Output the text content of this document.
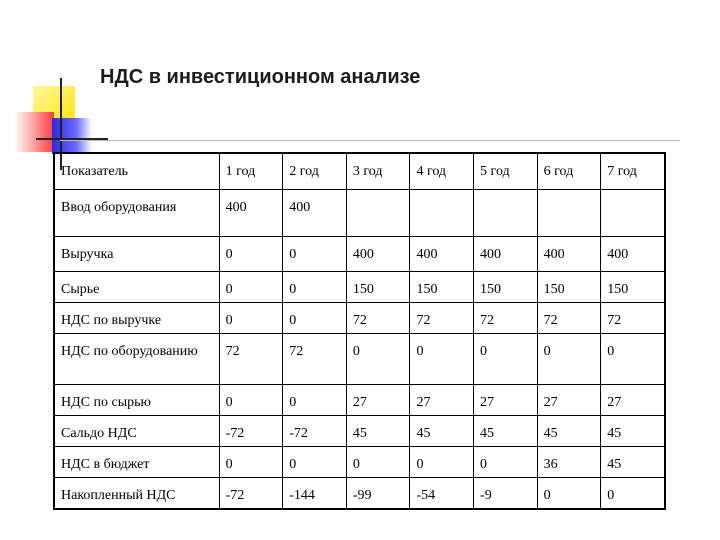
НДС в инвестиционном анализе
Показатель	1 год	2 год	3 год	4 год	5 год	6 год	7 год
Ввод оборудования	400	400					
Выручка	0	0	400	400	400	400	400
Сырье	0	0	150	150	150	150	150
НДС по выручке	0	0	72	72	72	72	72
НДС по оборудованию	72	72	0	0	0	0	0
НДС по сырью	0	0	27	27	27	27	27
Сальдо НДС	-72	-72	45	45	45	45	45
НДС в бюджет	0	0	0	0	0	36	45
Накопленный НДС	-72	-144	-99	-54	-9	0	0
